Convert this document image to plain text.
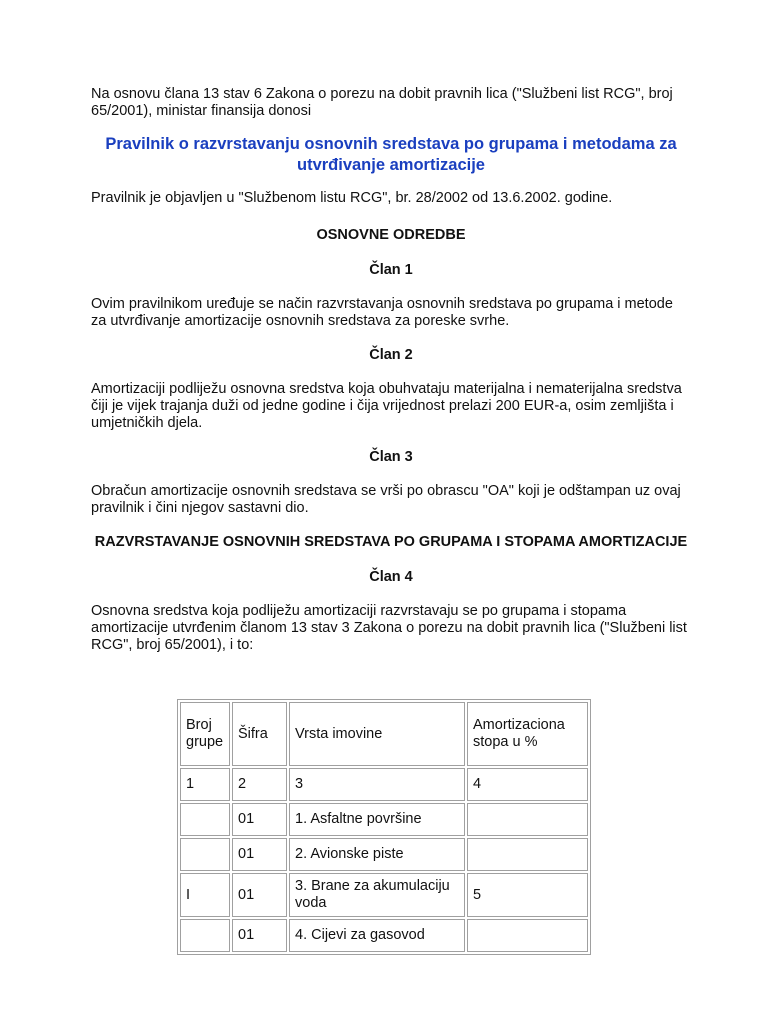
Na osnovu člana 13 stav 6 Zakona o porezu na dobit pravnih lica ("Službeni list RCG", broj 65/2001), ministar finansija donosi

Pravilnik o razvrstavanju osnovnih sredstava po grupama i metodama za utvrđivanje amortizacije

Pravilnik je objavljen u "Službenom listu RCG", br. 28/2002 od 13.6.2002. godine.

OSNOVNE ODREDBE

Član 1

Ovim pravilnikom uređuje se način razvrstavanja osnovnih sredstava po grupama i metode za utvrđivanje amortizacije osnovnih sredstava za poreske svrhe.

Član 2

Amortizaciji podliježu osnovna sredstva koja obuhvataju materijalna i nematerijalna sredstva čiji je vijek trajanja duži od jedne godine i čija vrijednost prelazi 200 EUR-a, osim zemljišta i umjetničkih djela.

Član 3

Obračun amortizacije osnovnih sredstava se vrši po obrascu "OA" koji je odštampan uz ovaj pravilnik i čini njegov sastavni dio.

RAZVRSTAVANJE OSNOVNIH SREDSTAVA PO GRUPAMA I STOPAMA AMORTIZACIJE

Član 4

Osnovna sredstva koja podliježu amortizaciji razvrstavaju se po grupama i stopama amortizacije utvrđenim članom 13 stav 3 Zakona o porezu na dobit pravnih lica ("Službeni list RCG", broj 65/2001), i to:

Broj grupe	Šifra	Vrsta imovine	Amortizaciona stopa u %
1	2	3	4
	01	1. Asfaltne površine	
	01	2. Avionske piste	
I	01	3. Brane za akumulaciju voda	5
	01	4. Cijevi za gasovod	
